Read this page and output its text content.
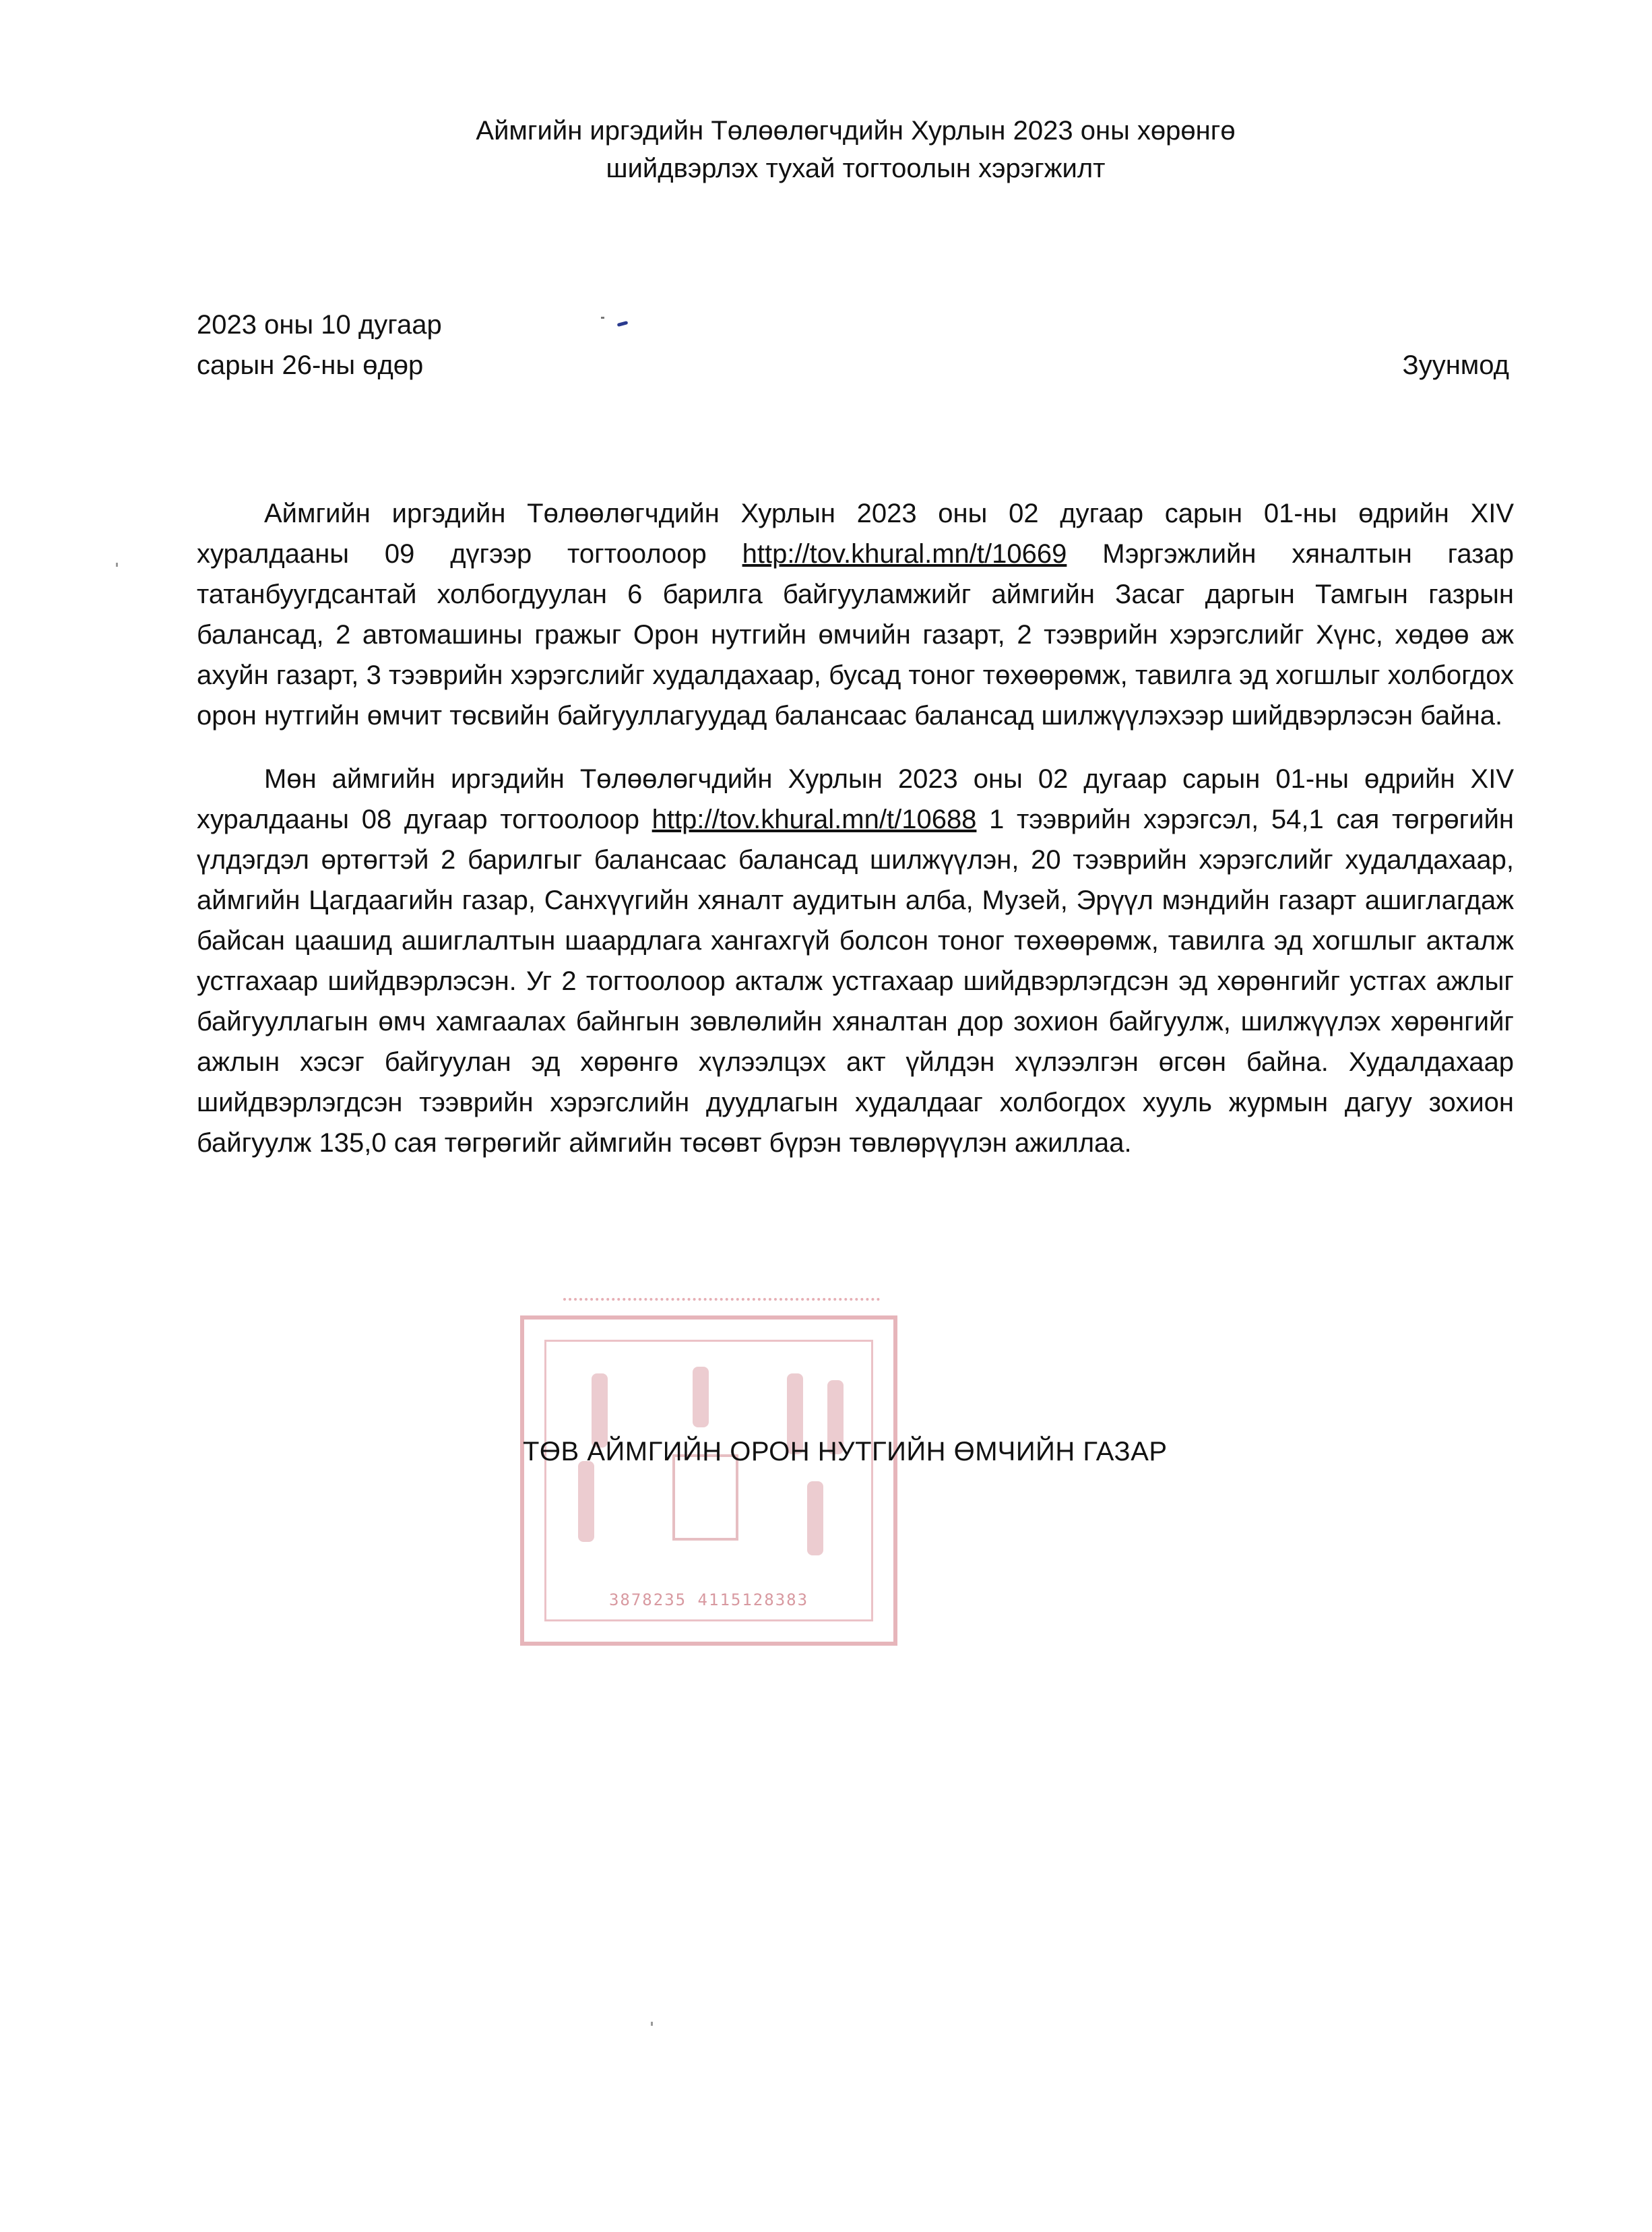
Аймгийн иргэдийн Төлөөлөгчдийн Хурлын 2023 оны хөрөнгө
шийдвэрлэх тухай тогтоолын хэрэгжилт
2023 оны 10 дугаар
сарын 26-ны өдөр	Зуунмод

Аймгийн иргэдийн Төлөөлөгчдийн Хурлын 2023 оны 02 дугаар сарын 01-ны өдрийн XIV хуралдааны 09 дүгээр тогтоолоор http://tov.khural.mn/t/10669 Мэргэжлийн хяналтын газар татанбуугдсантай холбогдуулан 6 барилга байгууламжийг аймгийн Засаг даргын Тамгын газрын балансад, 2 автомашины гражыг Орон нутгийн өмчийн газарт, 2 тээврийн хэрэгслийг Хүнс, хөдөө аж ахуйн газарт, 3 тээврийн хэрэгслийг худалдахаар, бусад тоног төхөөрөмж, тавилга эд хогшлыг холбогдох орон нутгийн өмчит төсвийн байгууллагуудад балансаас балансад шилжүүлэхээр шийдвэрлэсэн байна.

Мөн аймгийн иргэдийн Төлөөлөгчдийн Хурлын 2023 оны 02 дугаар сарын 01-ны өдрийн XIV хуралдааны 08 дугаар тогтоолоор http://tov.khural.mn/t/10688 1 тээврийн хэрэгсэл, 54,1 сая төгрөгийн үлдэгдэл өртөгтэй 2 барилгыг балансаас балансад шилжүүлэн, 20 тээврийн хэрэгслийг худалдахаар, аймгийн Цагдаагийн газар, Санхүүгийн хяналт аудитын алба, Музей, Эрүүл мэндийн газарт ашиглагдаж байсан цаашид ашиглалтын шаардлага хангахгүй болсон тоног төхөөрөмж, тавилга эд хогшлыг акталж устгахаар шийдвэрлэсэн. Уг 2 тогтоолоор акталж устгахаар шийдвэрлэгдсэн эд хөрөнгийг устгах ажлыг байгууллагын өмч хамгаалах байнгын зөвлөлийн хяналтан дор зохион байгуулж, шилжүүлэх хөрөнгийг ажлын хэсэг байгуулан эд хөрөнгө хүлээлцэх акт үйлдэн хүлээлгэн өгсөн байна. Худалдахаар шийдвэрлэгдсэн тээврийн хэрэгслийн дуудлагын худалдааг холбогдох хууль журмын дагуу зохион байгуулж 135,0 сая төгрөгийг аймгийн төсөвт бүрэн төвлөрүүлэн ажиллаа.

3878235 4115128383
ТӨВ АЙМГИЙН ОРОН НУТГИЙН ӨМЧИЙН ГАЗАР
